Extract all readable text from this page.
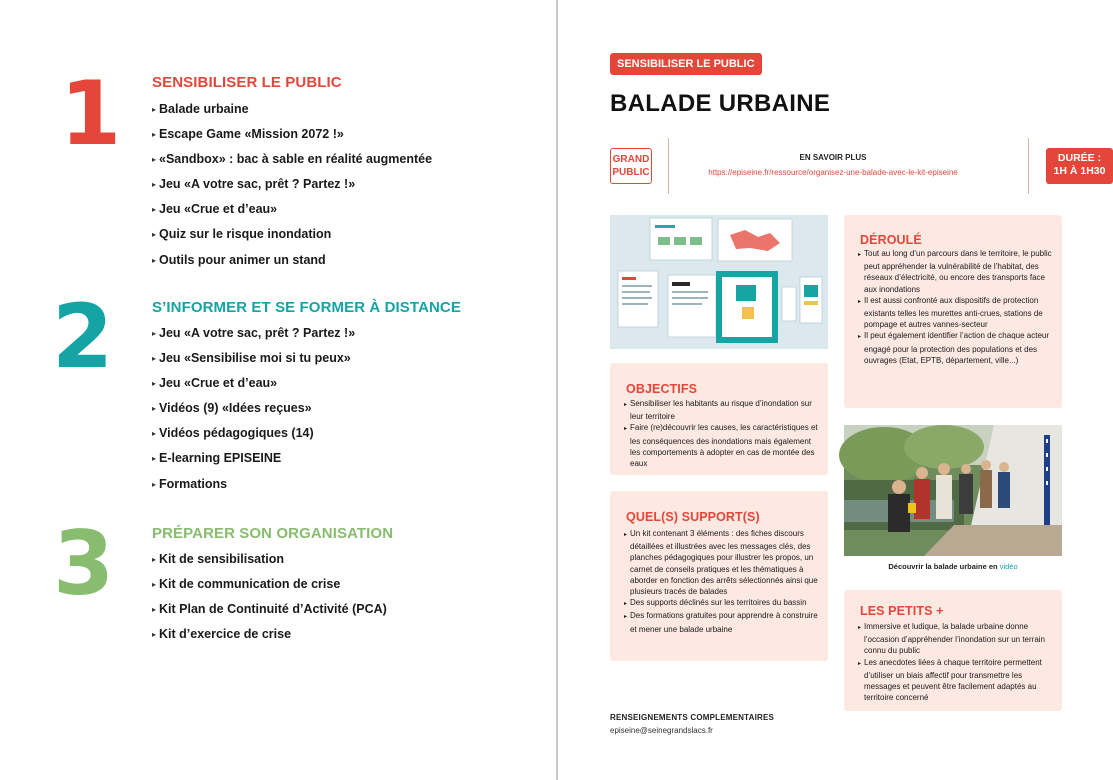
1 SENSIBILISER LE PUBLIC
▸ Balade urbaine
▸ Escape Game «Mission 2072 !»
▸ «Sandbox» : bac à sable en réalité augmentée
▸ Jeu «A votre sac, prêt ? Partez !»
▸ Jeu «Crue et d’eau»
▸ Quiz sur le risque inondation
▸ Outils pour animer un stand
2	S’INFORMER ET SE FORMER À DISTANCE
▸ Jeu «A votre sac, prêt ? Partez !»
▸ Jeu «Sensibilise moi si tu peux»
▸ Jeu «Crue et d’eau»
▸ Vidéos (9) «Idées reçues»
▸ Vidéos pédagogiques (14)
▸ E-learning EPISEINE
▸ Formations
3	PRÉPARER SON ORGANISATION
▸ Kit de sensibilisation
▸ Kit de communication de crise
▸ Kit Plan de Continuité d’Activité (PCA)
▸ Kit d’exercice de crise
SENSIBILISER LE PUBLIC
BALADE URBAINE
GRAND
PUBLIC
EN SAVOIR PLUS
https://episeine.fr/ressource/organisez-une-balade-avec-le-kit-episeine
DURÉE :
1H À 1H30
OBJECTIFS
▸ Sensibiliser les habitants au risque d’inondation sur leur territoire
▸ Faire (re)découvrir les causes, les caractéristiques et les conséquences des inondations mais également les comportements à adopter en cas de montée des eaux
QUEL(S) SUPPORT(S)
▸ Un kit contenant 3 éléments : des fiches discours détaillées et illustrées avec les messages clés, des planches pédagogiques pour illustrer les propos, un carnet de conseils pratiques et les thématiques à aborder en fonction des arrêts sélectionnés ainsi que plusieurs tracés de balades
▸ Des supports déclinés sur les territoires du bassin
▸ Des formations gratuites pour apprendre à construire et mener une balade urbaine
DÉROULÉ
▸ Tout au long d’un parcours dans le territoire, le public peut appréhender la vulnérabilité de l’habitat, des réseaux d’électricité, ou encore des transports face aux inondations
▸ Il est aussi confronté aux dispositifs de protection existants telles les murettes anti-crues, stations de pompage et autres vannes-secteur
▸ Il peut également identifier l’action de chaque acteur engagé pour la protection des populations et des ouvrages (Etat, EPTB, département, ville...)
Découvrir la balade urbaine en vidéo
LES PETITS +
▸ Immersive et ludique, la balade urbaine donne l’occasion d’appréhender l’inondation sur un terrain connu du public
▸ Les anecdotes liées à chaque territoire permettent d’utiliser un biais affectif pour transmettre les messages et peuvent être facilement adaptés au territoire concerné
RENSEIGNEMENTS COMPLEMENTAIRES
episeine@seinegrandslacs.fr
